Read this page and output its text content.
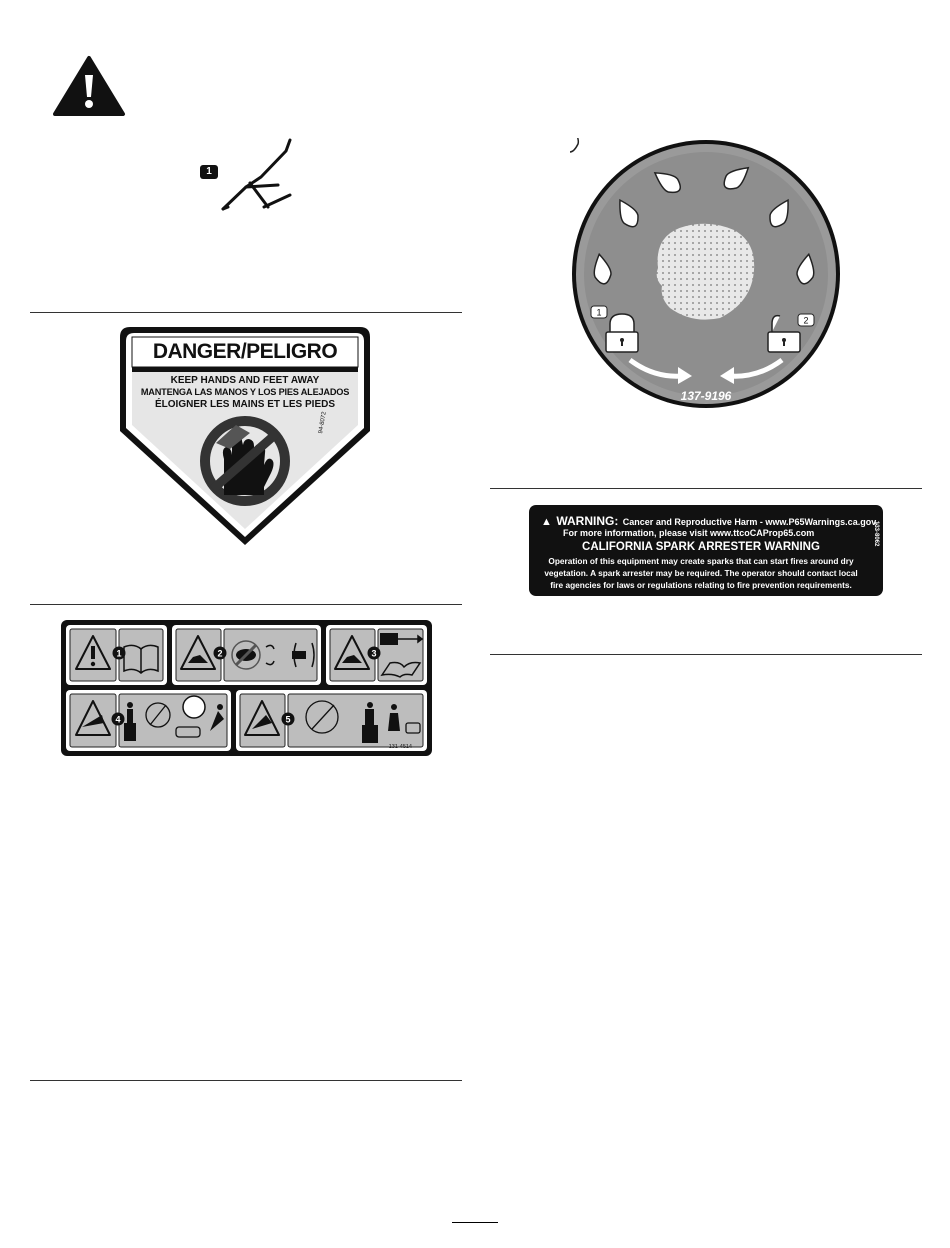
1
DANGER/PELIGRO
KEEP HANDS AND FEET AWAY
MANTENGA LAS MANOS Y LOS PIES ALEJADOS
ÉLOIGNER LES MAINS ET LES PIEDS
94-8072
1	2	3
4	5
131-4514
1
2
137-9196
▲ WARNING: Cancer and Reproductive Harm - www.P65Warnings.ca.gov.
For more information, please visit www.ttcoCAProp65.com
CALIFORNIA SPARK ARRESTER WARNING
Operation of this equipment may create sparks that can start fires around dry
vegetation. A spark arrester may be required. The operator should contact local
fire agencies for laws or regulations relating to fire prevention requirements.
133-8062
